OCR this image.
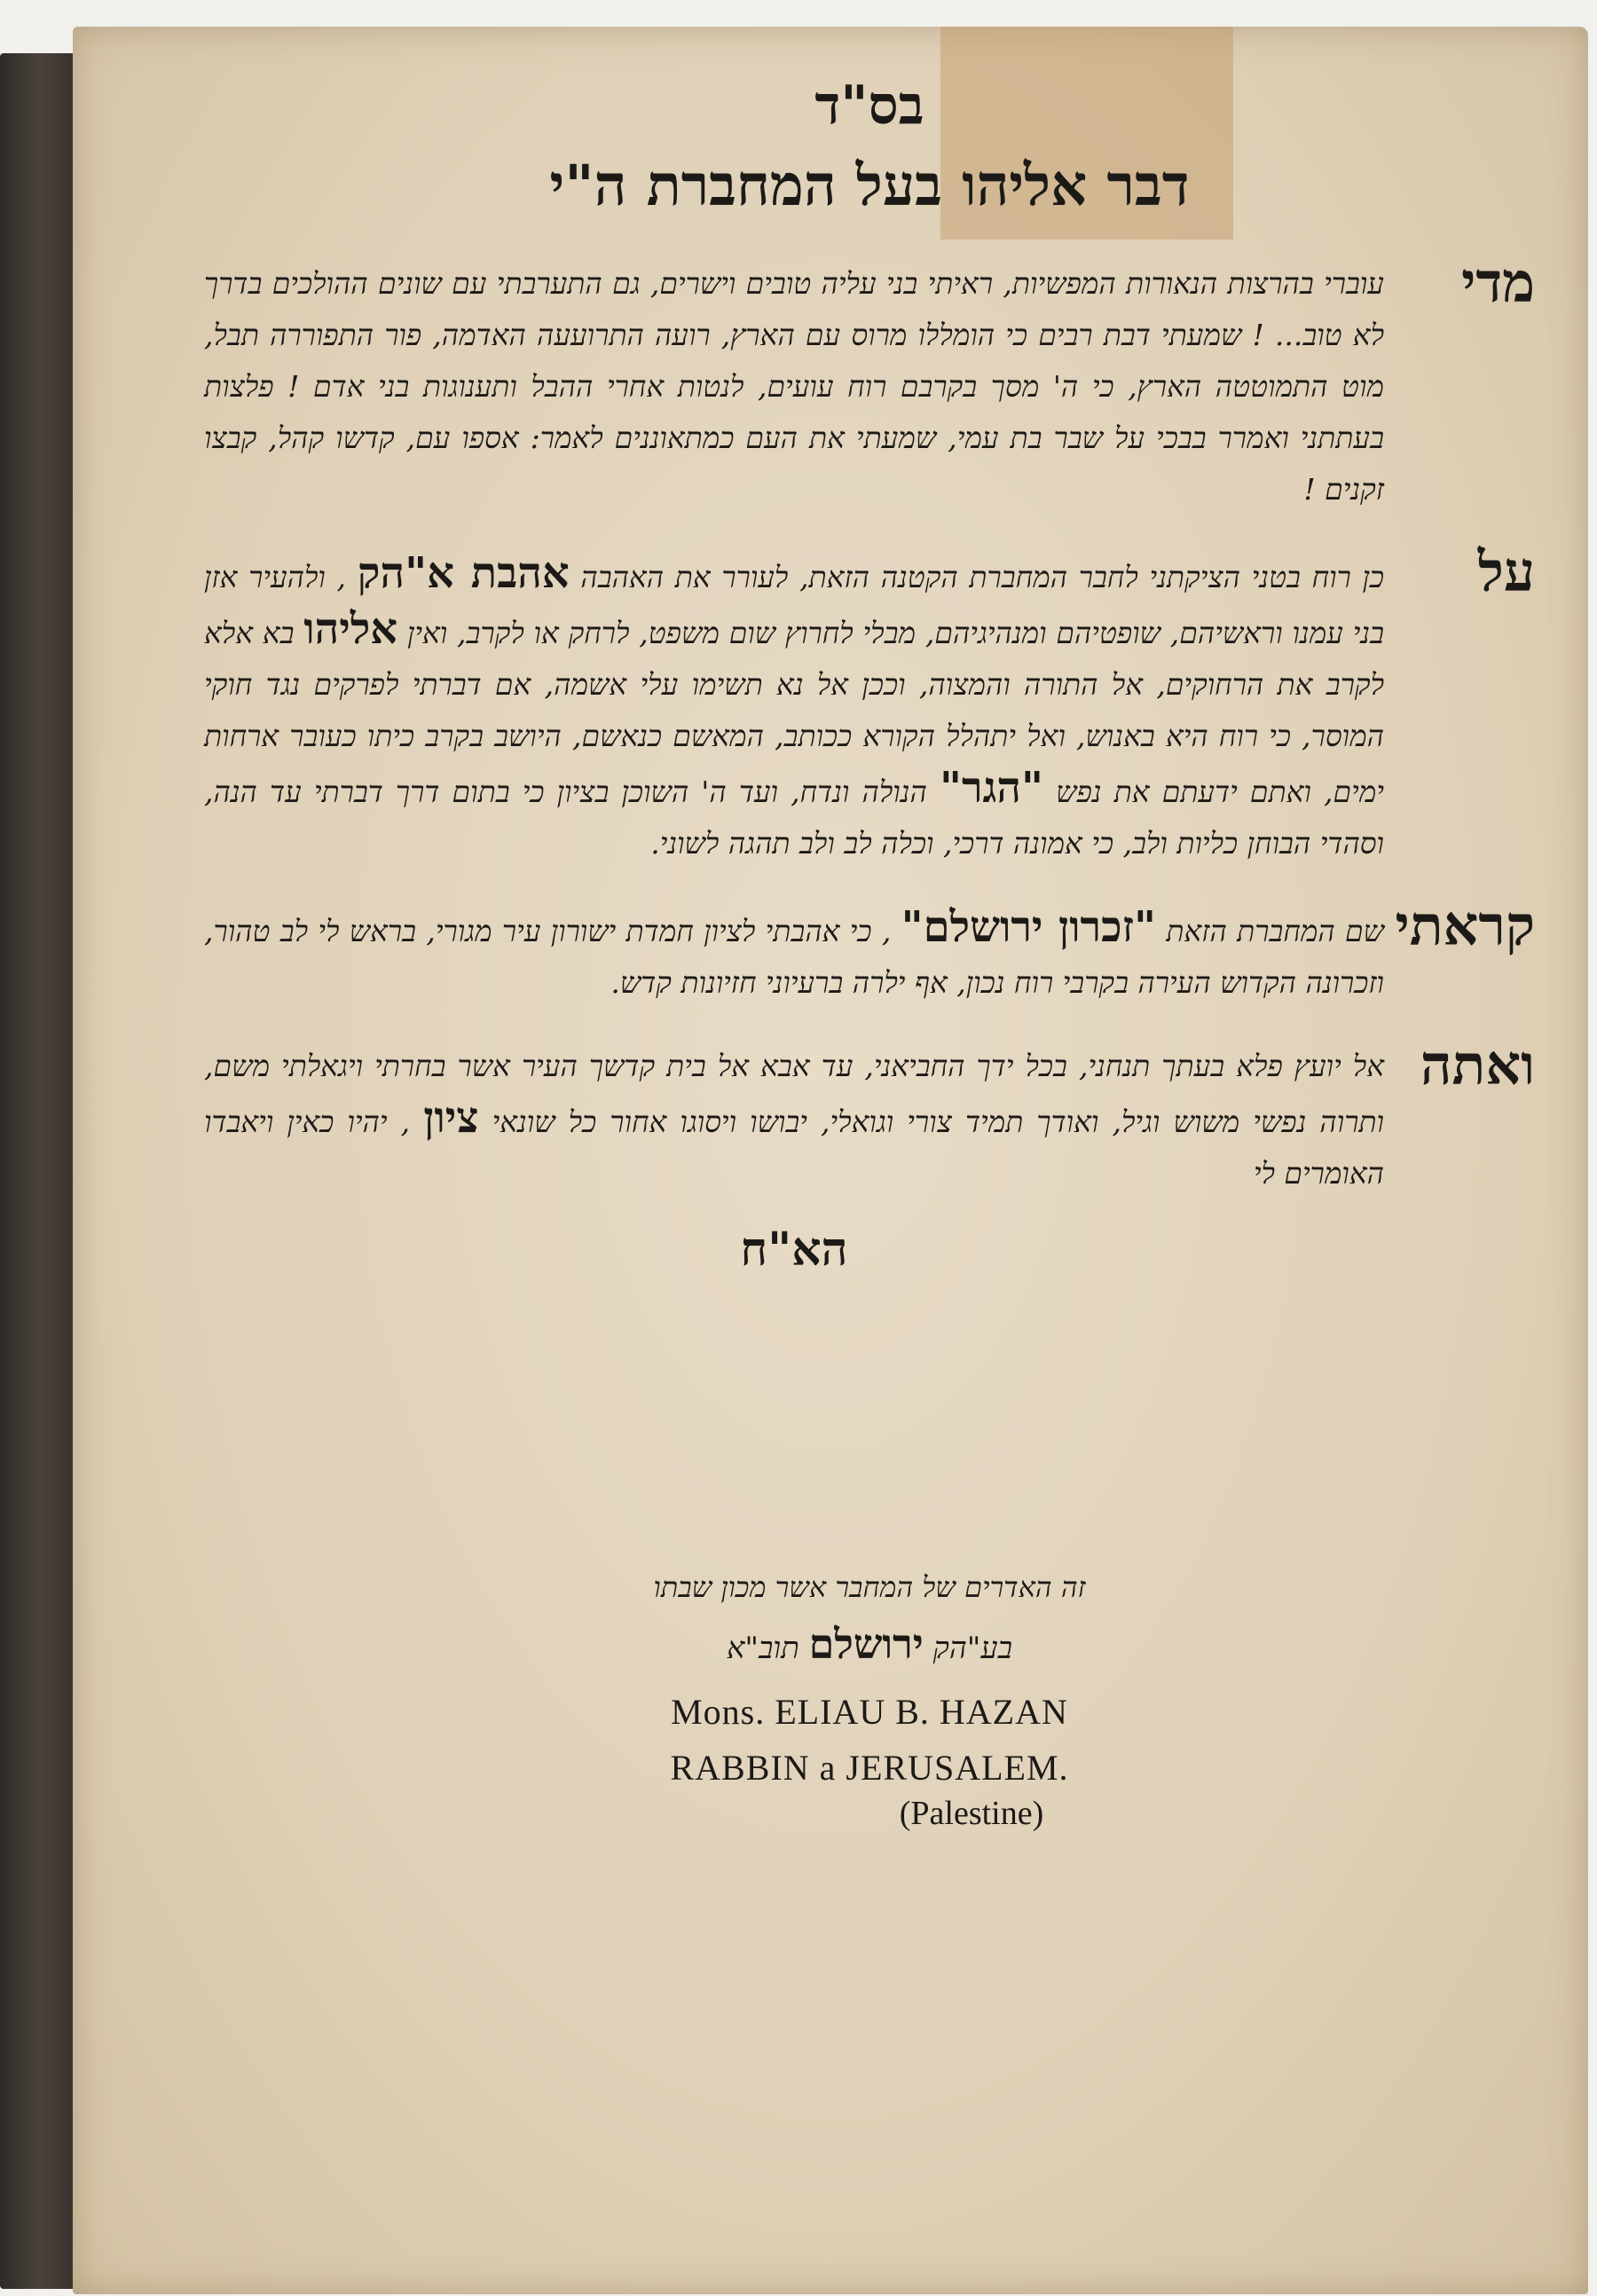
בס"ד

דבר אליהו בעל המחברת ה"י

מדי
עוברי בהרצות הנאורות המפשיות, ראיתי בני עליה טובים וישרים, גם התערבתי עם שונים ההולכים בדרך לא טוב... ! שמעתי דבת רבים כי הומללו מרוס עם הארץ, רועה התרועעה האדמה, פור התפוררה תבל, מוט התמוטטה הארץ, כי ה' מסך בקרבם רוח עועים, לנטות אחרי ההבל ותענוגות בני אדם ! פלצות בעתתני ואמרר בבכי על שבר בת עמי, שמעתי את העם כמתאוננים לאמר: אספו עם, קדשו קהל, קבצו זקנים !
על
כן רוח בטני הציקתני לחבר המחברת הקטנה הזאת, לעורר את האהבה אהבת א"הק , ולהעיר אזן בני עמנו וראשיהם, שופטיהם ומנהיגיהם, מבלי לחרוץ שום משפט, לרחק או לקרב, ואין אליהו בא אלא לקרב את הרחוקים, אל התורה והמצוה, וככן אל נא תשימו עלי אשמה, אם דברתי לפרקים נגד חוקי המוסר, כי רוח היא באנוש, ואל יתהלל הקורא ככותב, המאשם כנאשם, היושב בקרב כיתו כעובר ארחות ימים, ואתם ידעתם את נפש "הגר" הנולה ונדח, ועד ה' השוכן בציון כי בתום דרך דברתי עד הנה, וסהדי הבוחן כליות ולב, כי אמונה דרכי, וכלה לב ולב תהגה לשוני.
קראתי
שם המחברת הזאת "זכרון ירושלם" , כי אהבתי לציון חמדת ישורון עיר מגורי, בראש לי לב טהור, וזכרונה הקדוש העירה בקרבי רוח נכון, אף ילרה ברעיוני חזיונות קדש.
ואתה
אל יועץ פלא בעתך תנחני, בכל ידך החביאני, עד אבא אל בית קדשך העיר אשר בחרתי ויגאלתי משם, ותרוה נפשי משוש וגיל, ואודך תמיד צורי וגואלי, יבושו ויסוגו אחור כל שונאי ציון , יהיו כאין ויאבדו האומרים לי
הא"ח

זה האדרים של המחבר אשר מכון שבתו

בע"הק ירושלם תוב"א

Mons. ELIAU B. HAZAN

RABBIN a JERUSALEM.

(Palestine)
